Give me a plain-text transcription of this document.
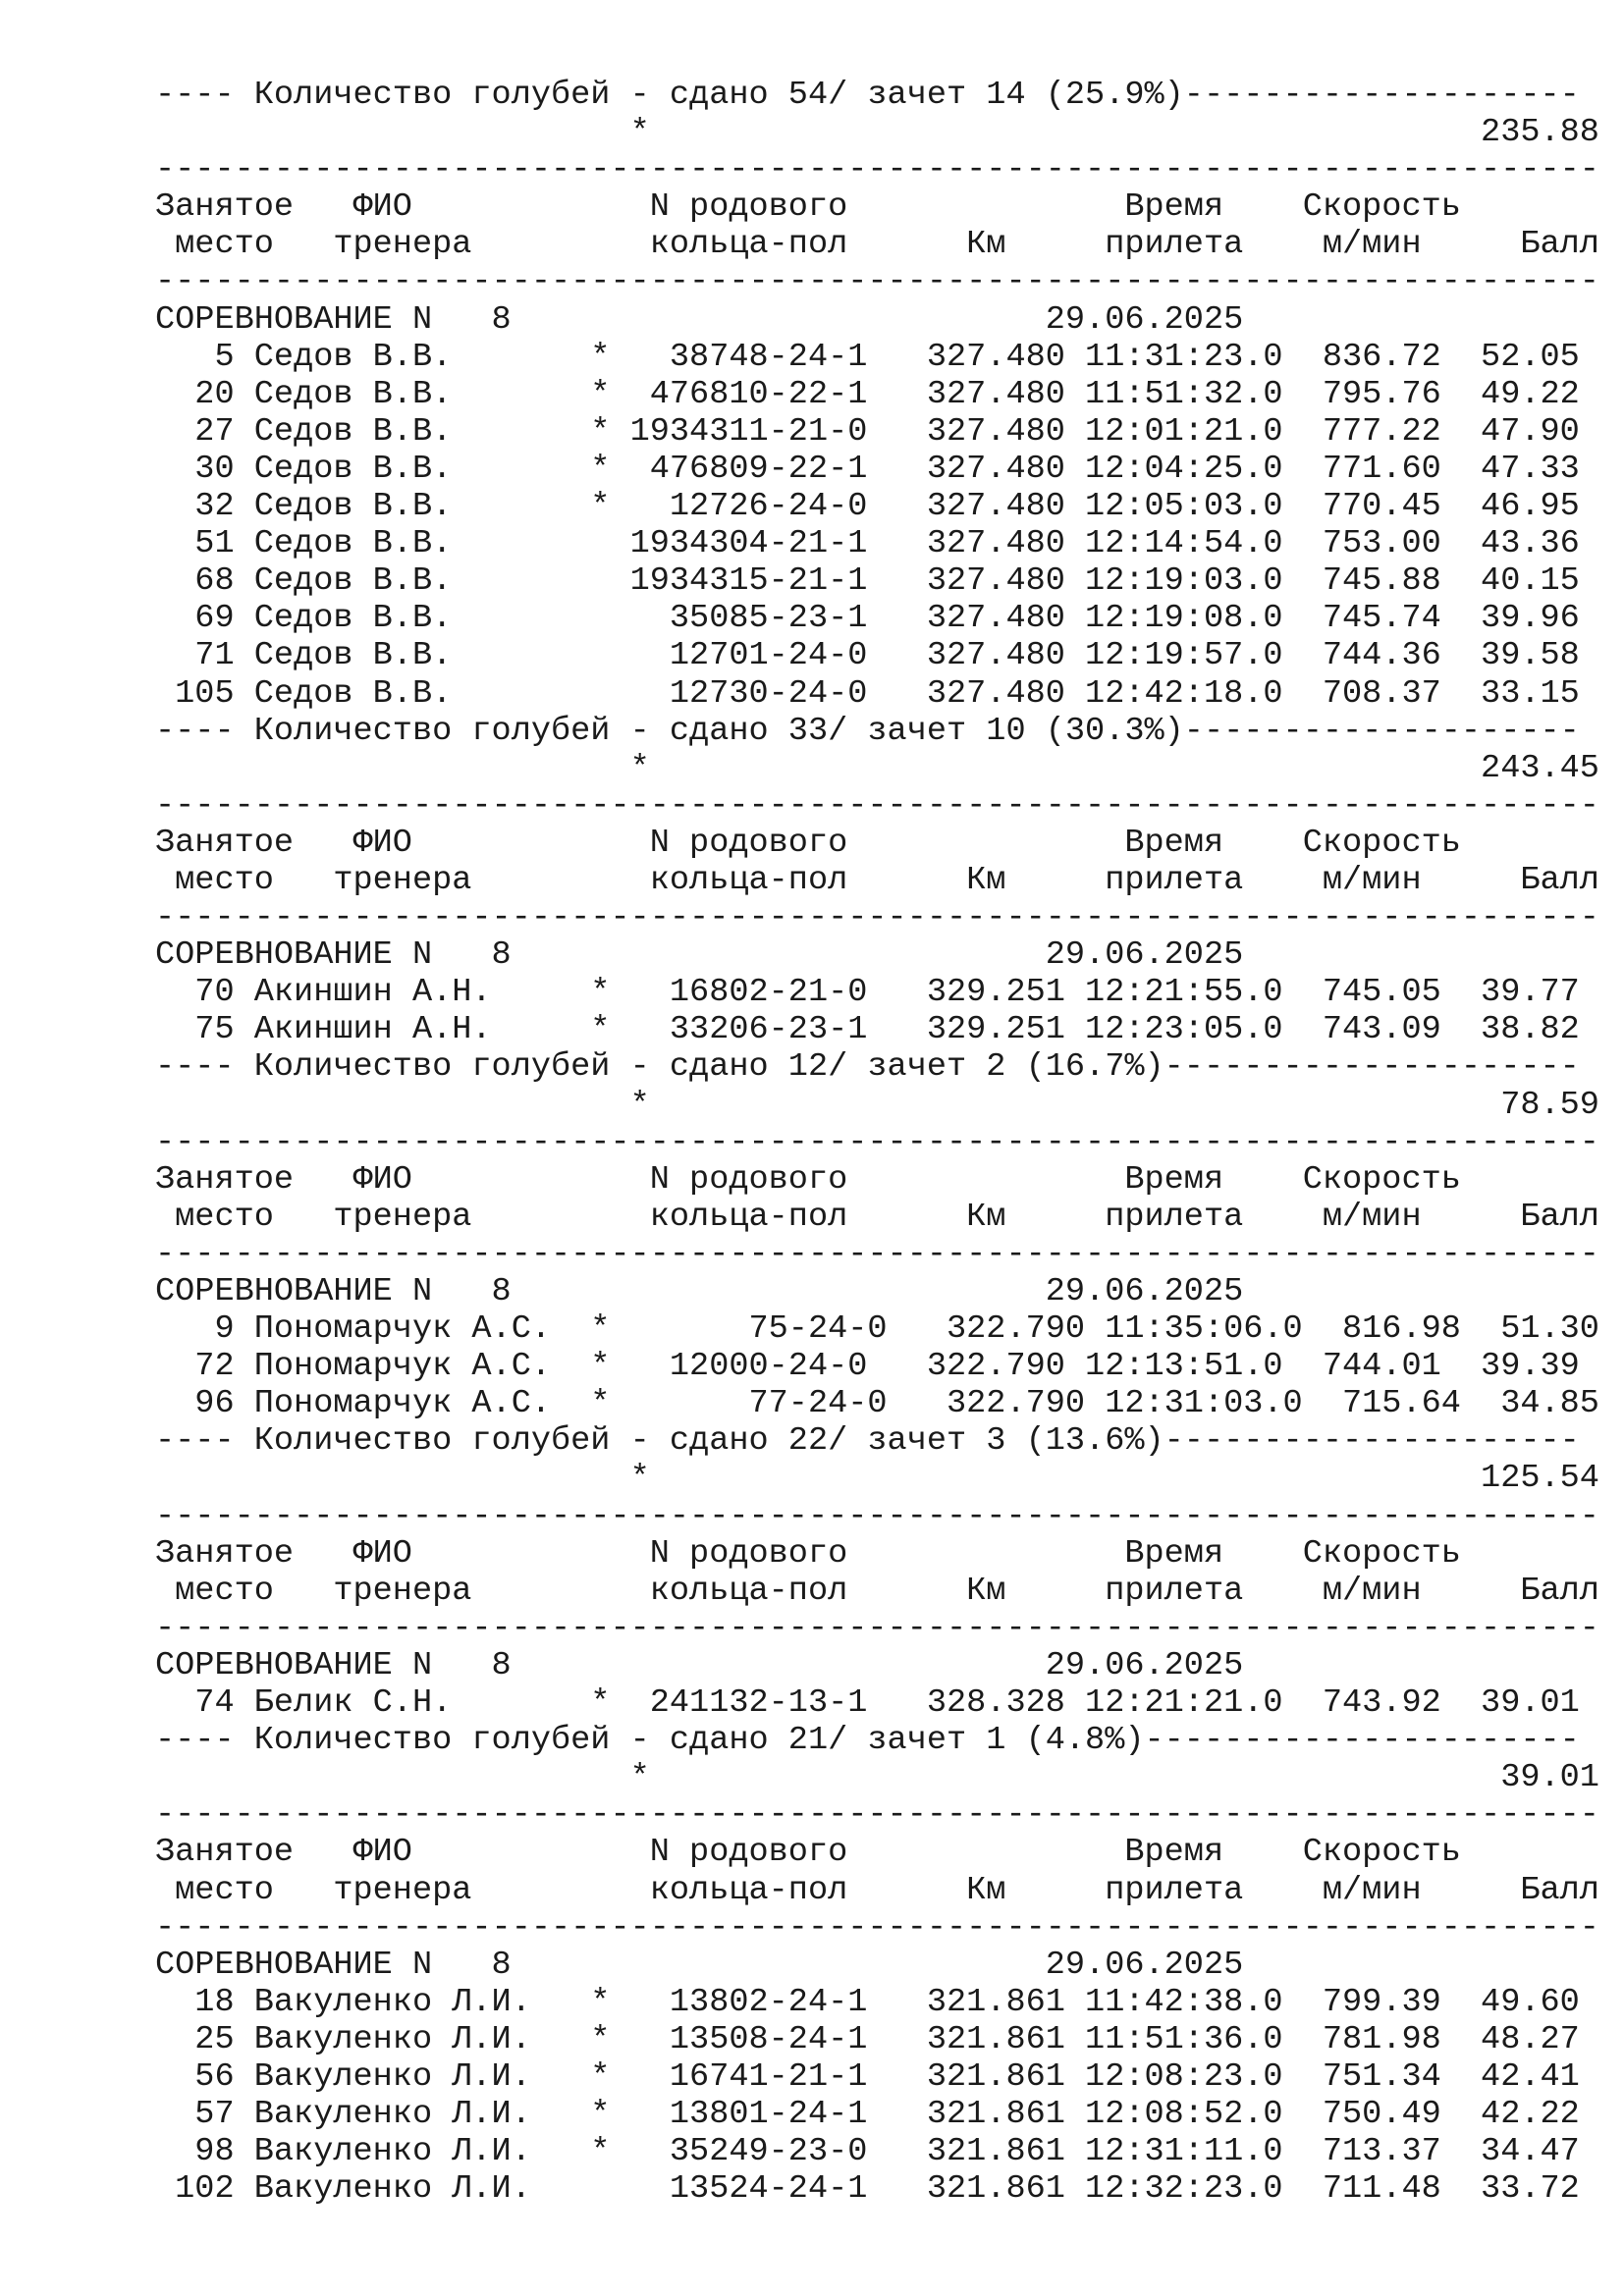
---- Количество голубей - сдано 54/ зачет 14 (25.9%)--------------------
*                                          235.88
-------------------------------------------------------------------------
Занятое   ФИО            N родового              Время    Скорость
место   тренера         кольца-пол      Км     прилета    м/мин     Балл
-------------------------------------------------------------------------
СОРЕВНОВАНИЕ N   8                           29.06.2025
5 Седов В.В.       *   38748-24-1   327.480 11:31:23.0  836.72  52.05
20 Седов В.В.       *  476810-22-1   327.480 11:51:32.0  795.76  49.22
27 Седов В.В.       * 1934311-21-0   327.480 12:01:21.0  777.22  47.90
30 Седов В.В.       *  476809-22-1   327.480 12:04:25.0  771.60  47.33
32 Седов В.В.       *   12726-24-0   327.480 12:05:03.0  770.45  46.95
51 Седов В.В.         1934304-21-1   327.480 12:14:54.0  753.00  43.36
68 Седов В.В.         1934315-21-1   327.480 12:19:03.0  745.88  40.15
69 Седов В.В.           35085-23-1   327.480 12:19:08.0  745.74  39.96
71 Седов В.В.           12701-24-0   327.480 12:19:57.0  744.36  39.58
105 Седов В.В.           12730-24-0   327.480 12:42:18.0  708.37  33.15
---- Количество голубей - сдано 33/ зачет 10 (30.3%)--------------------
*                                          243.45
-------------------------------------------------------------------------
Занятое   ФИО            N родового              Время    Скорость
место   тренера         кольца-пол      Км     прилета    м/мин     Балл
-------------------------------------------------------------------------
СОРЕВНОВАНИЕ N   8                           29.06.2025
70 Акиншин А.Н.     *   16802-21-0   329.251 12:21:55.0  745.05  39.77
75 Акиншин А.Н.     *   33206-23-1   329.251 12:23:05.0  743.09  38.82
---- Количество голубей - сдано 12/ зачет 2 (16.7%)---------------------
*                                           78.59
-------------------------------------------------------------------------
Занятое   ФИО            N родового              Время    Скорость
место   тренера         кольца-пол      Км     прилета    м/мин     Балл
-------------------------------------------------------------------------
СОРЕВНОВАНИЕ N   8                           29.06.2025
9 Пономарчук А.С.  *       75-24-0   322.790 11:35:06.0  816.98  51.30
72 Пономарчук А.С.  *   12000-24-0   322.790 12:13:51.0  744.01  39.39
96 Пономарчук А.С.  *       77-24-0   322.790 12:31:03.0  715.64  34.85
---- Количество голубей - сдано 22/ зачет 3 (13.6%)---------------------
*                                          125.54
-------------------------------------------------------------------------
Занятое   ФИО            N родового              Время    Скорость
место   тренера         кольца-пол      Км     прилета    м/мин     Балл
-------------------------------------------------------------------------
СОРЕВНОВАНИЕ N   8                           29.06.2025
74 Белик С.Н.       *  241132-13-1   328.328 12:21:21.0  743.92  39.01
---- Количество голубей - сдано 21/ зачет 1 (4.8%)----------------------
*                                           39.01
-------------------------------------------------------------------------
Занятое   ФИО            N родового              Время    Скорость
место   тренера         кольца-пол      Км     прилета    м/мин     Балл
-------------------------------------------------------------------------
СОРЕВНОВАНИЕ N   8                           29.06.2025
18 Вакуленко Л.И.   *   13802-24-1   321.861 11:42:38.0  799.39  49.60
25 Вакуленко Л.И.   *   13508-24-1   321.861 11:51:36.0  781.98  48.27
56 Вакуленко Л.И.   *   16741-21-1   321.861 12:08:23.0  751.34  42.41
57 Вакуленко Л.И.   *   13801-24-1   321.861 12:08:52.0  750.49  42.22
98 Вакуленко Л.И.   *   35249-23-0   321.861 12:31:11.0  713.37  34.47
102 Вакуленко Л.И.       13524-24-1   321.861 12:32:23.0  711.48  33.72
